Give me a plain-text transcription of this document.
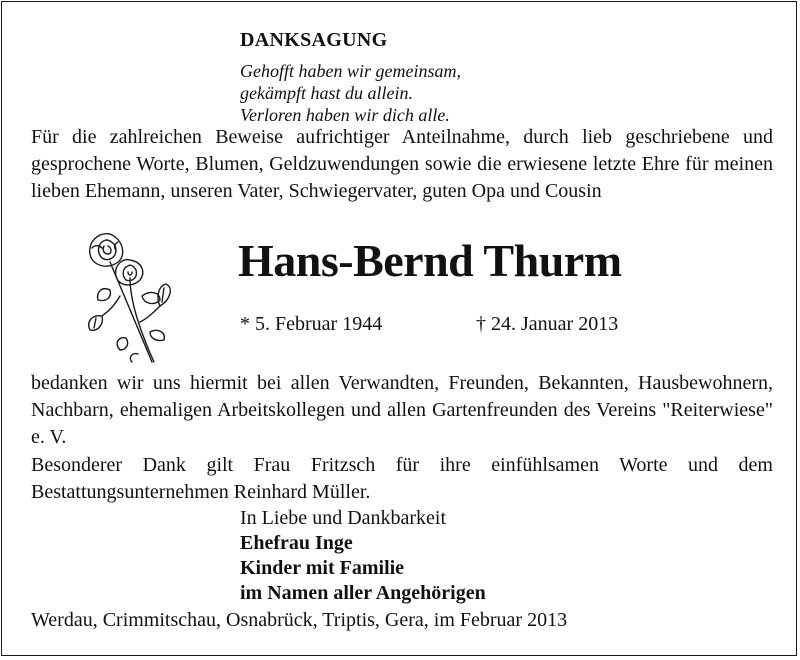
DANKSAGUNG
Gehofft haben wir gemeinsam,
gekämpft hast du allein.
Verloren haben wir dich alle.
Für die zahlreichen Beweise aufrichtiger Anteilnahme, durch lieb geschriebene und gesprochene Worte, Blumen, Geldzuwendungen sowie die erwiesene letzte Ehre für meinen lieben Ehemann, unseren Vater, Schwiegervater, guten Opa und Cousin
Hans-Bernd Thurm
* 5. Februar 1944	† 24. Januar 2013
bedanken wir uns hiermit bei allen Verwandten, Freunden, Bekannten, Hausbewohnern, Nachbarn, ehemaligen Arbeitskollegen und allen Gartenfreunden des Vereins "Reiterwiese" e. V.
Besonderer Dank gilt Frau Fritzsch für ihre einfühlsamen Worte und dem Bestattungsunternehmen Reinhard Müller.
In Liebe und Dankbarkeit
Ehefrau Inge
Kinder mit Familie
im Namen aller Angehörigen
Werdau, Crimmitschau, Osnabrück, Triptis, Gera, im Februar 2013
